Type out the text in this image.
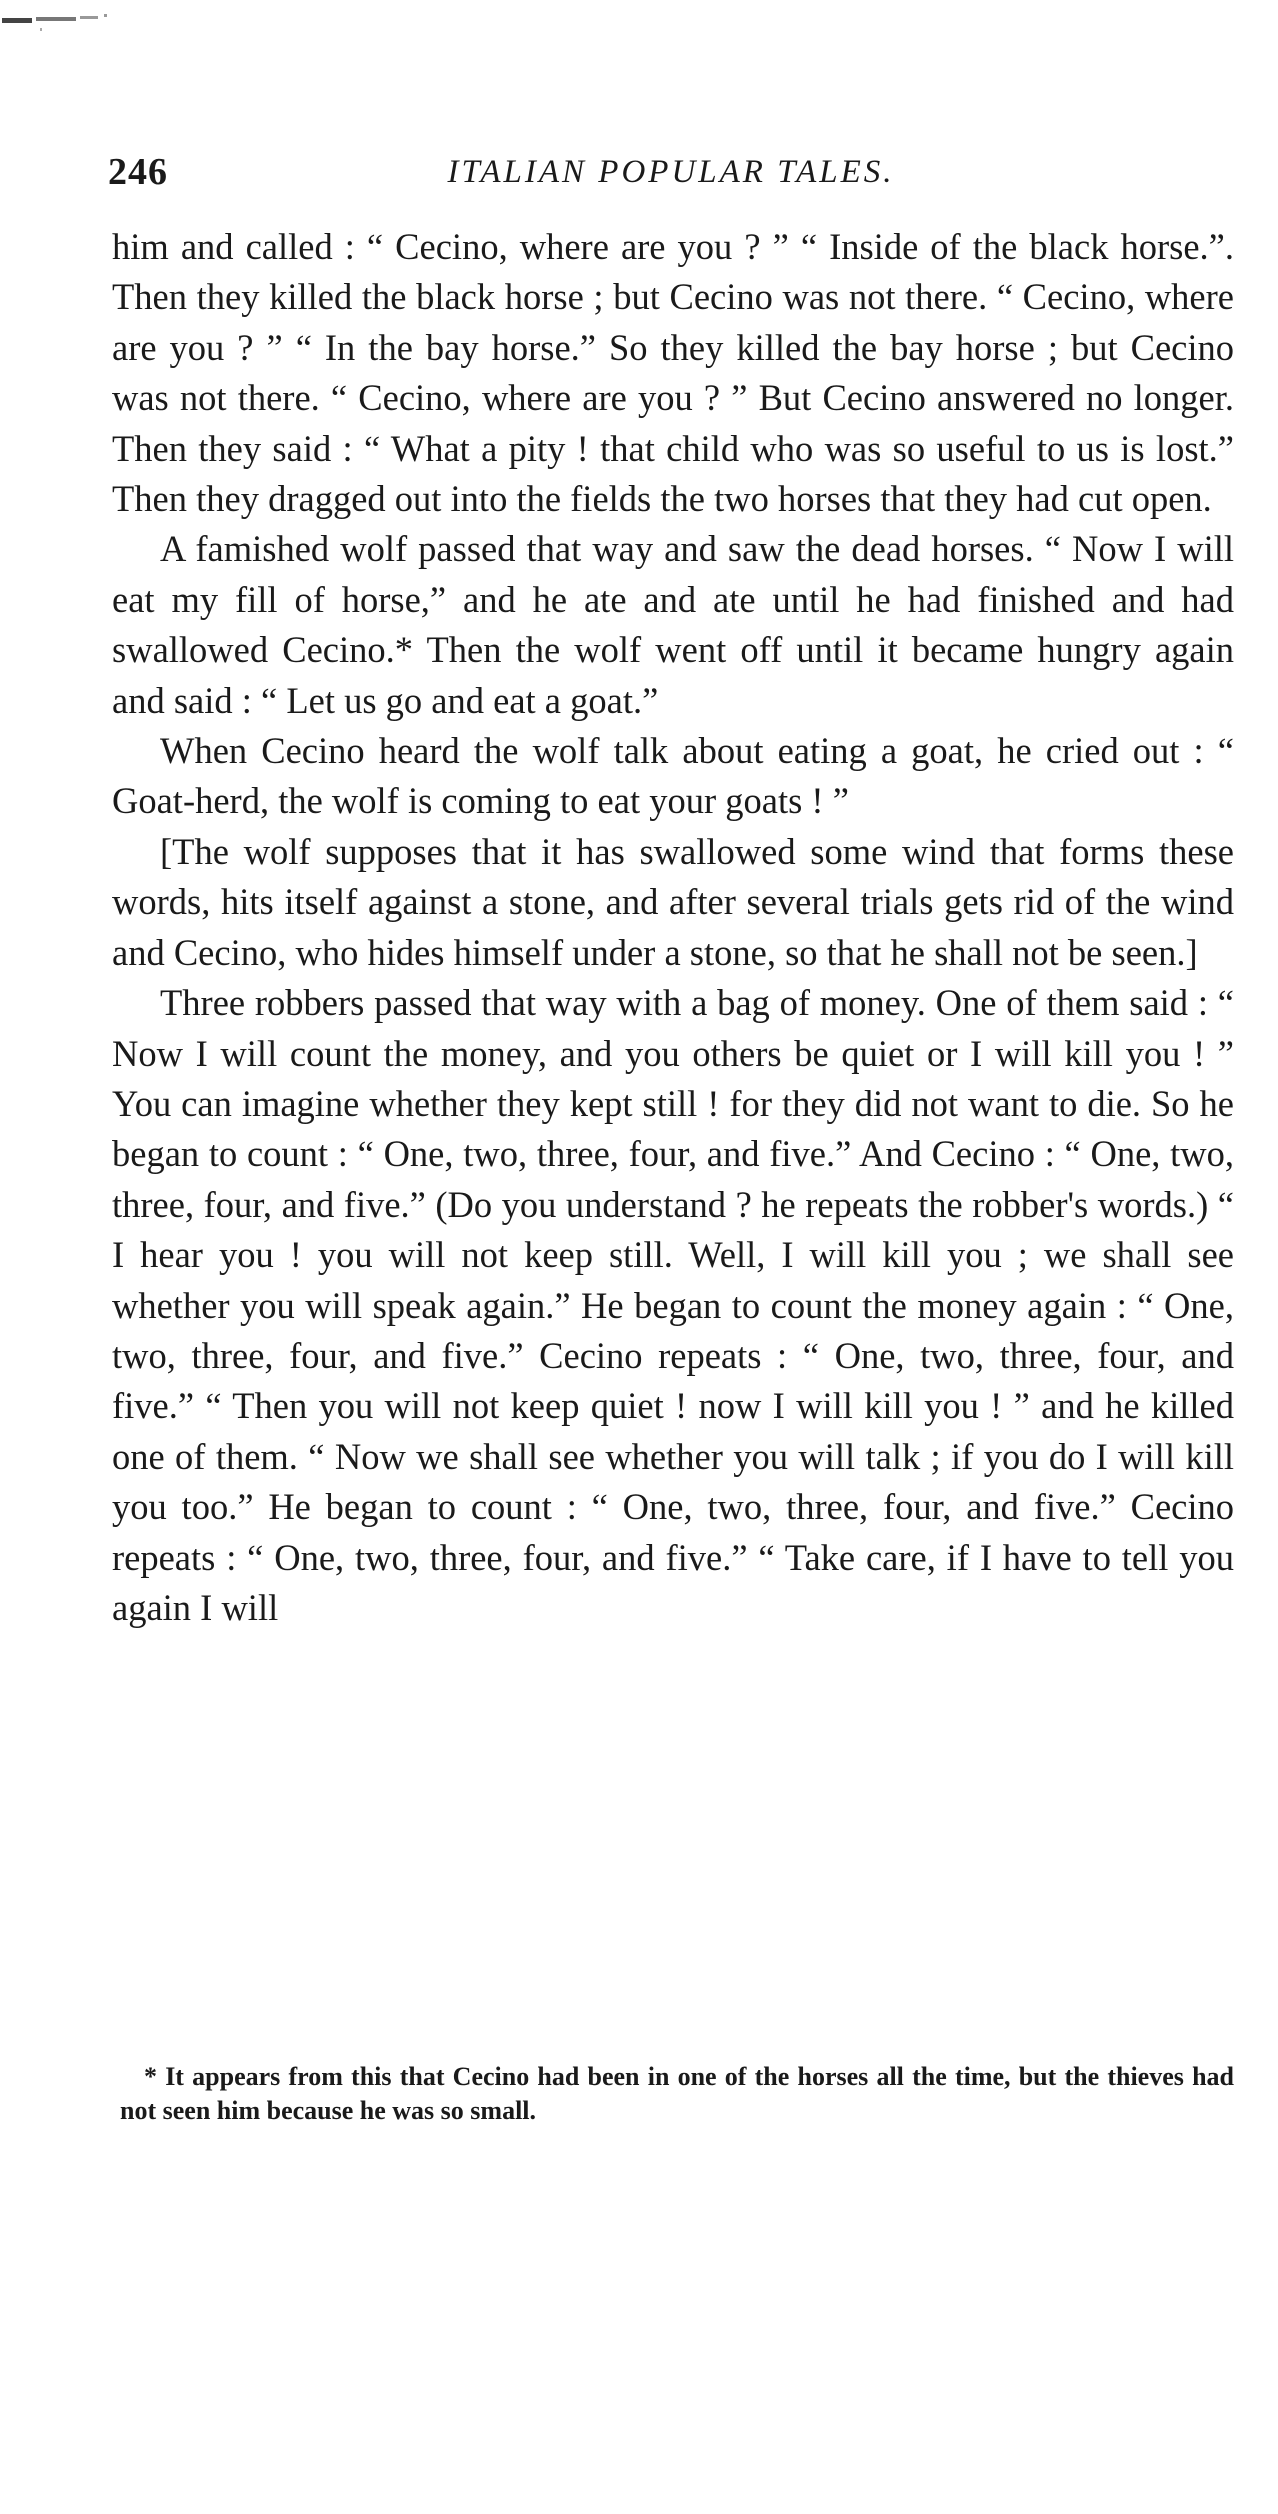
246	ITALIAN POPULAR TALES.

him and called : “ Cecino, where are you ? ” “ Inside of the black horse.”. Then they killed the black horse ; but Cecino was not there. “ Cecino, where are you ? ” “ In the bay horse.” So they killed the bay horse ; but Cecino was not there. “ Cecino, where are you ? ” But Cecino answered no longer. Then they said : “ What a pity ! that child who was so useful to us is lost.” Then they dragged out into the fields the two horses that they had cut open.

A famished wolf passed that way and saw the dead horses. “ Now I will eat my fill of horse,” and he ate and ate until he had finished and had swallowed Cecino.* Then the wolf went off until it became hungry again and said : “ Let us go and eat a goat.”

When Cecino heard the wolf talk about eating a goat, he cried out : “ Goat-herd, the wolf is coming to eat your goats ! ”

[The wolf supposes that it has swallowed some wind that forms these words, hits itself against a stone, and after several trials gets rid of the wind and Cecino, who hides himself under a stone, so that he shall not be seen.]

Three robbers passed that way with a bag of money. One of them said : “ Now I will count the money, and you others be quiet or I will kill you ! ” You can imagine whether they kept still ! for they did not want to die. So he began to count : “ One, two, three, four, and five.” And Cecino : “ One, two, three, four, and five.” (Do you understand ? he repeats the robber's words.) “ I hear you ! you will not keep still. Well, I will kill you ; we shall see whether you will speak again.” He began to count the money again : “ One, two, three, four, and five.” Cecino repeats : “ One, two, three, four, and five.” “ Then you will not keep quiet ! now I will kill you ! ” and he killed one of them. “ Now we shall see whether you will talk ; if you do I will kill you too.” He began to count : “ One, two, three, four, and five.” Cecino repeats : “ One, two, three, four, and five.” “ Take care, if I have to tell you again I will

* It appears from this that Cecino had been in one of the horses all the time, but the thieves had not seen him because he was so small.
